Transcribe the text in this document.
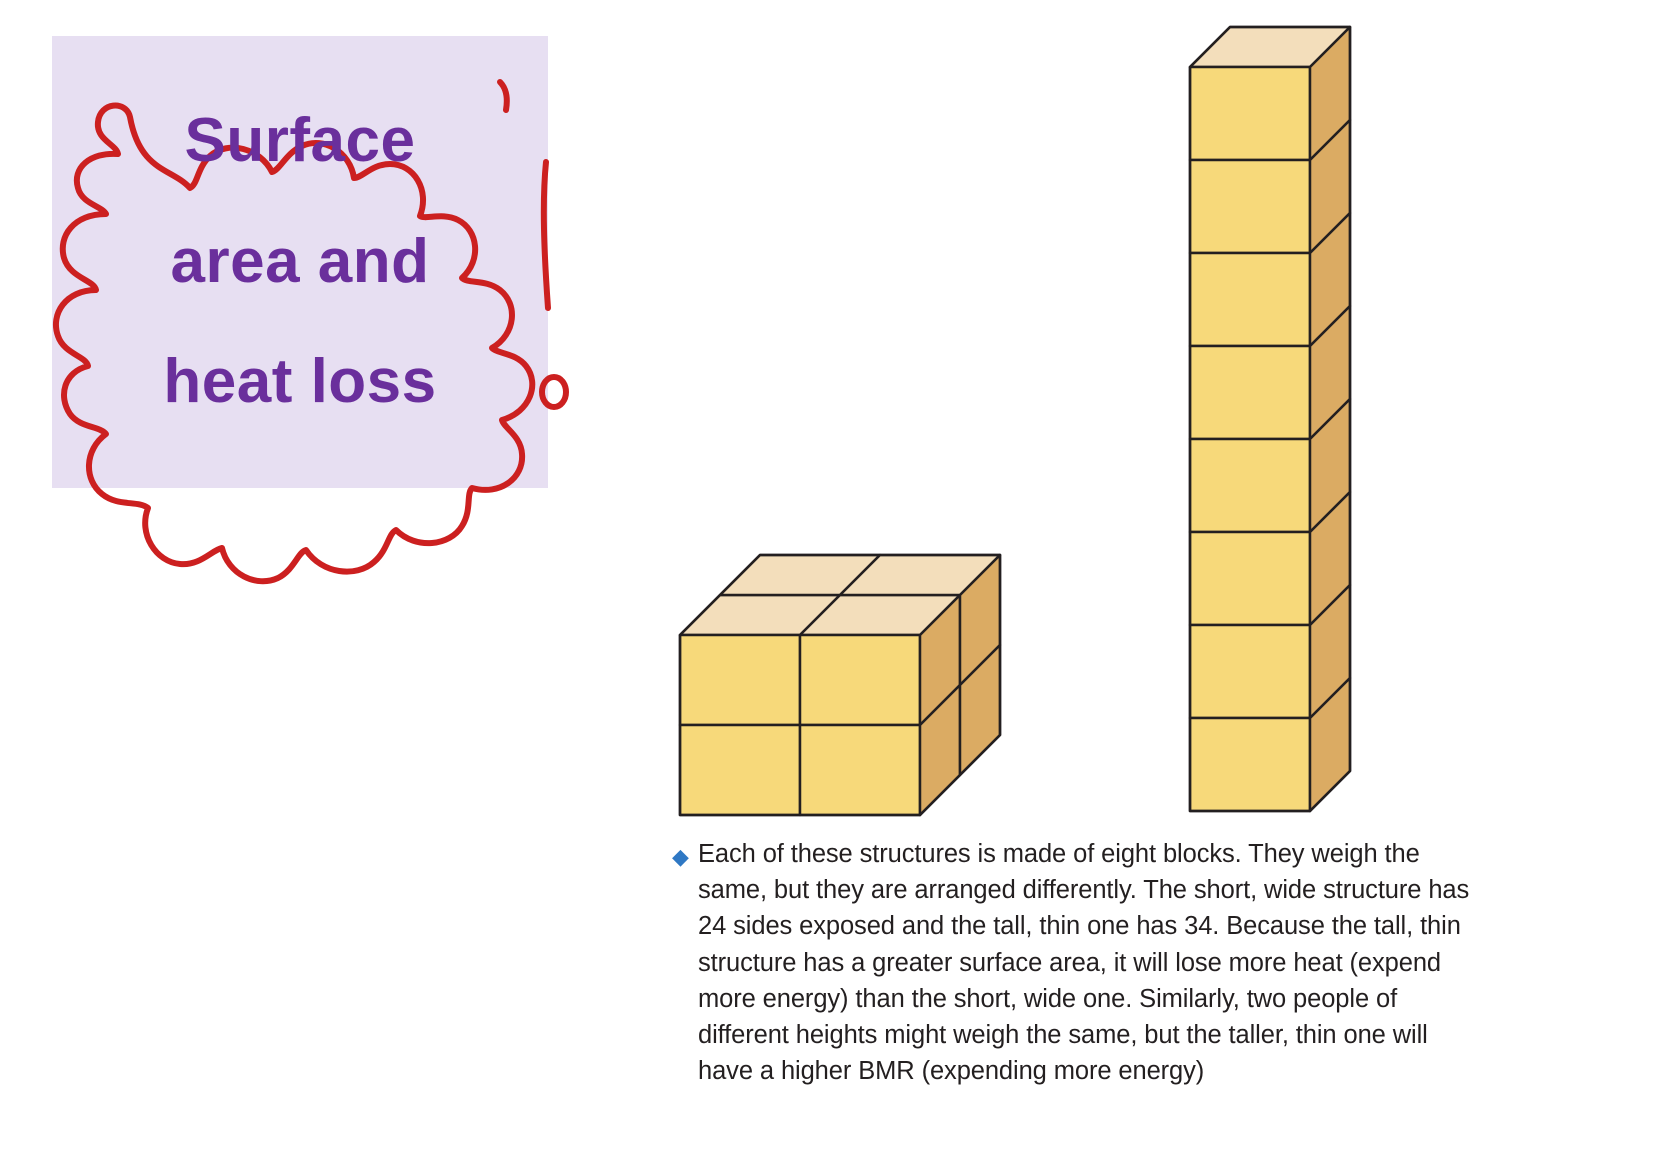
Surface
area and
heat loss
◆ Each of these structures is made of eight blocks. They weigh the same, but they are arranged differently. The short, wide structure has 24 sides exposed and the tall, thin one has 34. Because the tall, thin structure has a greater surface area, it will lose more heat (expend more energy) than the short, wide one. Similarly, two people of different heights might weigh the same, but the taller, thin one will have a higher BMR (expending more energy)
